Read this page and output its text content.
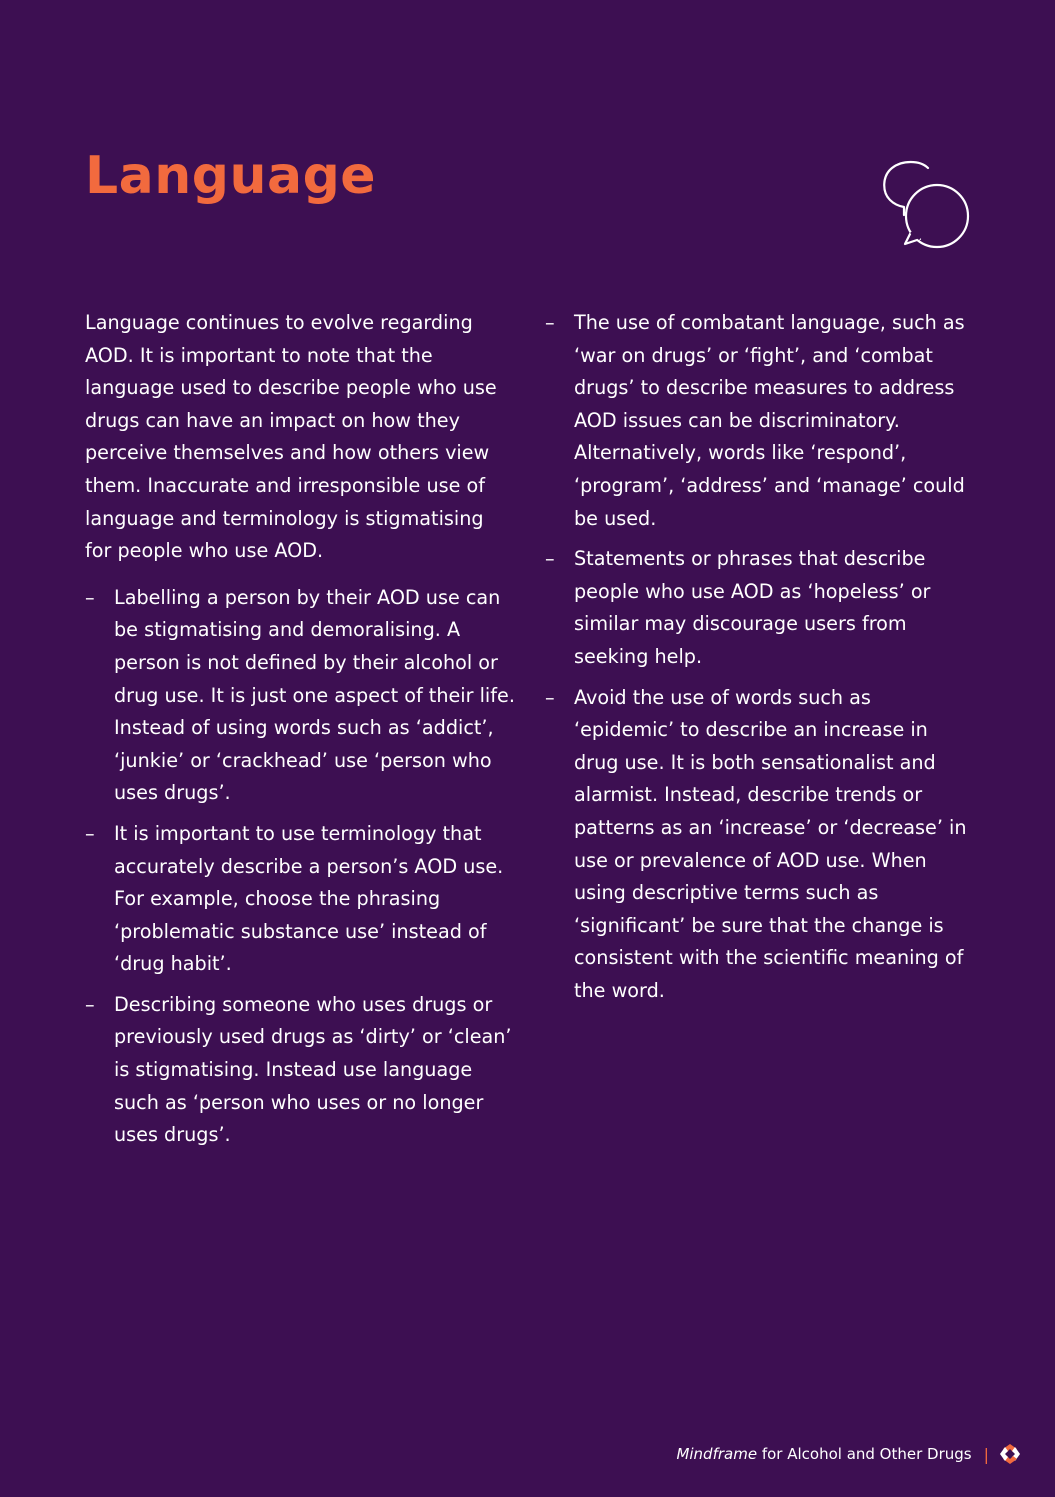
Language

Language continues to evolve regarding AOD. It is important to note that the language used to describe people who use drugs can have an impact on how they perceive themselves and how others view them. Inaccurate and irresponsible use of language and terminology is stigmatising for people who use AOD.

– Labelling a person by their AOD use can be stigmatising and demoralising. A person is not defined by their alcohol or drug use. It is just one aspect of their life. Instead of using words such as ‘addict’, ‘junkie’ or ‘crackhead’ use ‘person who uses drugs’.
– It is important to use terminology that accurately describe a person’s AOD use. For example, choose the phrasing ‘problematic substance use’ instead of ‘drug habit’.
– Describing someone who uses drugs or previously used drugs as ‘dirty’ or ‘clean’ is stigmatising. Instead use language such as ‘person who uses or no longer uses drugs’.
– The use of combatant language, such as ‘war on drugs’ or ‘fight’, and ‘combat drugs’ to describe measures to address AOD issues can be discriminatory. Alternatively, words like ‘respond’, ‘program’, ‘address’ and ‘manage’ could be used.
– Statements or phrases that describe people who use AOD as ‘hopeless’ or similar may discourage users from seeking help.
– Avoid the use of words such as ‘epidemic’ to describe an increase in drug use. It is both sensationalist and alarmist. Instead, describe trends or patterns as an ‘increase’ or ‘decrease’ in use or prevalence of AOD use. When using descriptive terms such as ‘significant’ be sure that the change is consistent with the scientific meaning of the word.
Mindframe for Alcohol and Other Drugs |
